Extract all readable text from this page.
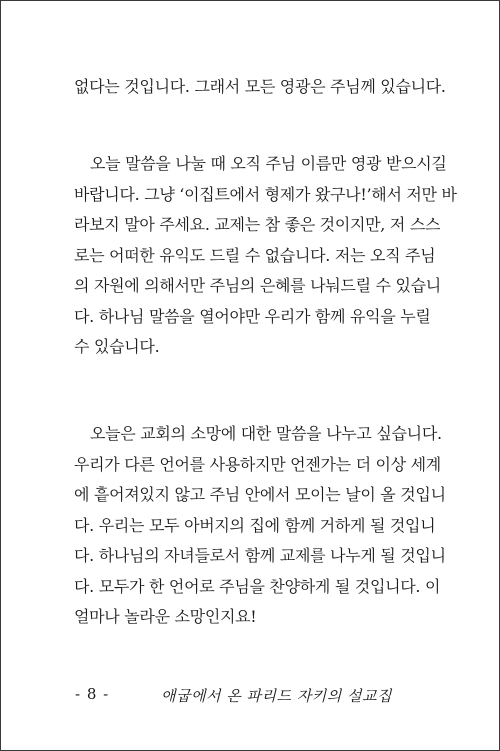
없다는 것입니다. 그래서 모든 영광은 주님께 있습니다.
오늘 말씀을 나눌 때 오직 주님 이름만 영광 받으시길
바랍니다. 그냥 ‘이집트에서 형제가 왔구나!’해서 저만 바
라보지 말아 주세요. 교제는 참 좋은 것이지만, 저 스스
로는 어떠한 유익도 드릴 수 없습니다. 저는 오직 주님
의 자원에 의해서만 주님의 은혜를 나눠드릴 수 있습니
다. 하나님 말씀을 열어야만 우리가 함께 유익을 누릴
수 있습니다.
오늘은 교회의 소망에 대한 말씀을 나누고 싶습니다.
우리가 다른 언어를 사용하지만 언젠가는 더 이상 세계
에 흩어져있지 않고 주님 안에서 모이는 날이 올 것입니
다. 우리는 모두 아버지의 집에 함께 거하게 될 것입니
다. 하나님의 자녀들로서 함께 교제를 나누게 될 것입니
다. 모두가 한 언어로 주님을 찬양하게 될 것입니다. 이
얼마나 놀라운 소망인지요!
- 8 -	애굽에서 온 파리드 자키의 설교집
